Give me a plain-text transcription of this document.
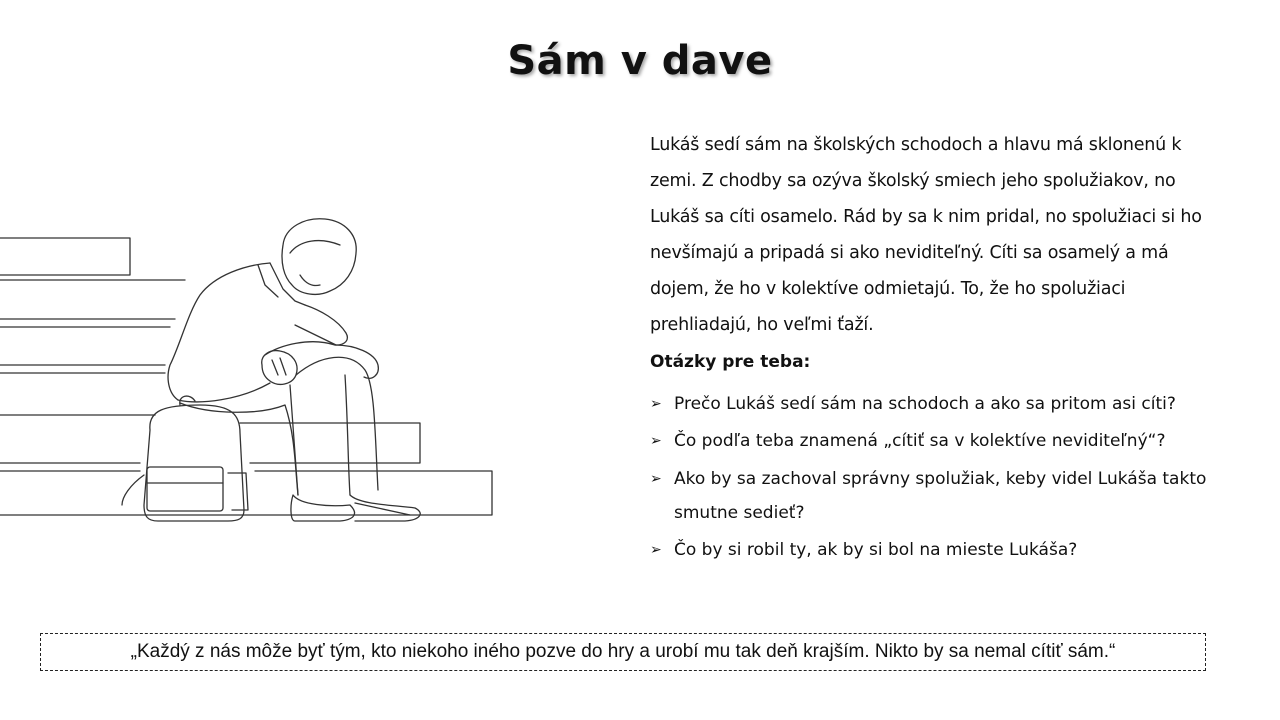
Sám v dave

Lukáš sedí sám na školských schodoch a hlavu má sklonenú k zemi. Z chodby sa ozýva školský smiech jeho spolužiakov, no Lukáš sa cíti osamelo. Rád by sa k nim pridal, no spolužiaci si ho nevšímajú a pripadá si ako neviditeľný. Cíti sa osamelý a má dojem, že ho v kolektíve odmietajú. To, že ho spolužiaci prehliadajú, ho veľmi ťaží.

Otázky pre teba:
➢ Prečo Lukáš sedí sám na schodoch a ako sa pritom asi cíti?
➢ Čo podľa teba znamená „cítiť sa v kolektíve neviditeľný“?
➢ Ako by sa zachoval správny spolužiak, keby videl Lukáša takto smutne sedieť?
➢ Čo by si robil ty, ak by si bol na mieste Lukáša?
„Každý z nás môže byť tým, kto niekoho iného pozve do hry a urobí mu tak deň krajším. Nikto by sa nemal cítiť sám.“
